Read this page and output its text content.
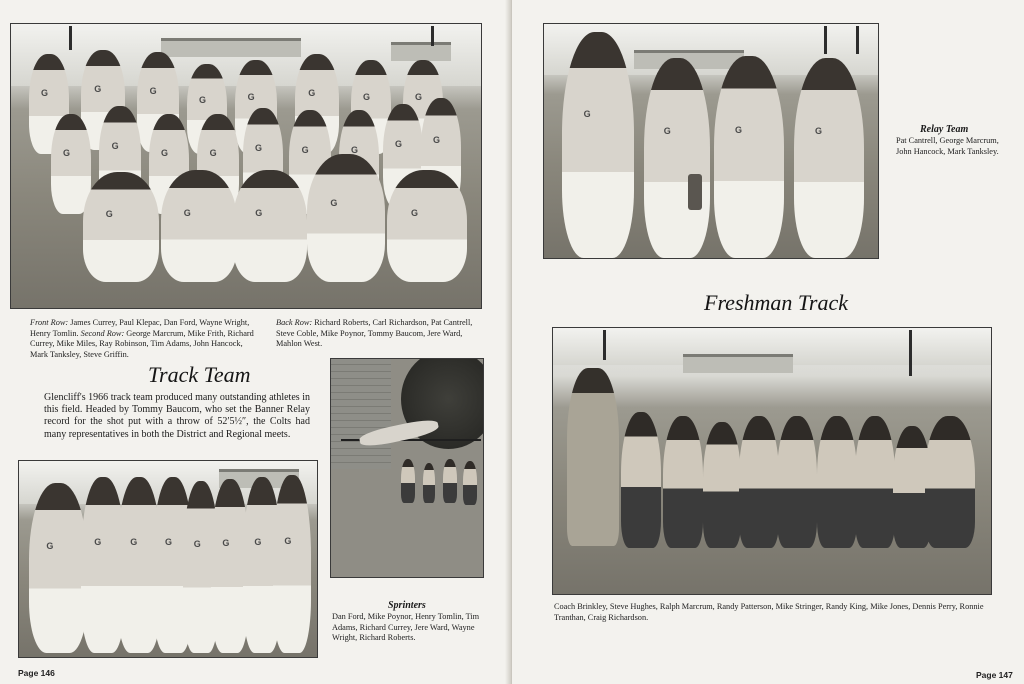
G
G
G
G
G
G
G
G
G
G
G
G
G
G
G
G
G
G
G
G
G
G
Front Row: James Currey, Paul Klepac, Dan Ford, Wayne Wright, Henry Tomlin. Second Row: George Marcrum, Mike Frith, Richard Currey, Mike Miles, Ray Robinson, Tim Adams, John Hancock, Mark Tanksley, Steve Griffin.
Back Row: Richard Roberts, Carl Richardson, Pat Cantrell, Steve Coble, Mike Poynor, Tommy Baucom, Jere Ward, Mahlon West.
Track Team
Glencliff's 1966 track team produced many outstanding athletes in this field. Headed by Tommy Baucom, who set the Banner Relay record for the shot put with a throw of 52′5½″, the Colts had many representatives in both the District and Regional meets.
G
G
G
G
G
G
G
G
Sprinters
Dan Ford, Mike Poynor, Henry Tomlin, Tim Adams, Richard Currey, Jere Ward, Wayne Wright, Richard Roberts.
Page 146
G
G
G
G
Relay Team
Pat Cantrell, George Marcrum, John Hancock, Mark Tanksley.
Freshman Track
Coach Brinkley, Steve Hughes, Ralph Marcrum, Randy Patterson, Mike Stringer, Randy King, Mike Jones, Dennis Perry, Ronnie Tranthan, Craig Richardson.
Page 147
